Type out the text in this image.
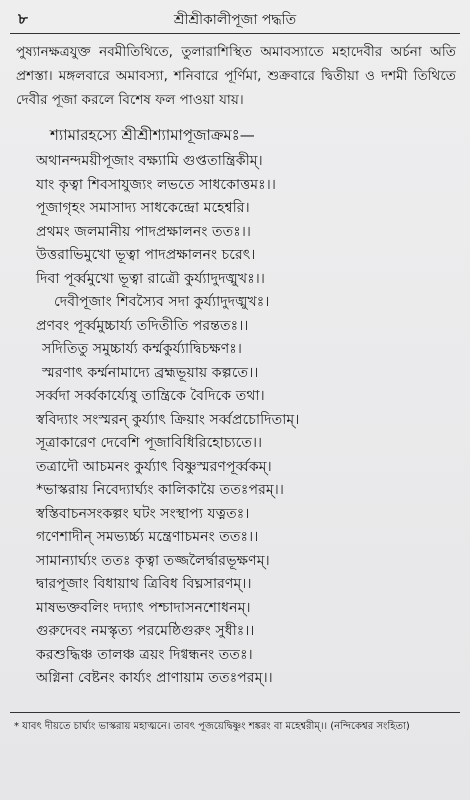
৮	শ্রীশ্রীকালীপূজা পদ্ধতি

পুষ্যানক্ষত্রযুক্ত নবমীতিথিতে, তুলারাশিস্থিত অমাবস্যাতে মহাদেবীর অর্চনা অতি প্রশস্তা। মঙ্গলবারে অমাবস্যা, শনিবারে পূর্ণিমা, শুক্রবারে দ্বিতীয়া ও দশমী তিথিতে দেবীর পূজা করলে বিশেষ ফল পাওয়া যায়।

শ্যামারহস্যে শ্রীশ্রীশ্যামাপূজাক্রমঃ—
অথানন্দময়ীপূজাং বক্ষ্যামি গুপ্ততান্ত্রিকীম্।
যাং কৃত্বা শিবসাযুজ্যং লভতে সাধকোত্তমঃ।।
পূজাগৃহং সমাসাদ্য সাধকেন্দ্রো মহেশ্বরি।
প্রথমং জলমানীয় পাদপ্রক্ষালনং ততঃ।।
উত্তরাভিমুখো ভূত্বা পাদপ্রক্ষালনং চরেৎ।
দিবা পূর্ব্বমুখো ভূত্বা রাত্রৌ কুর্য্যাদুদঙ্মুখঃ।।
দেবীপূজাং শিবস্যৈব সদা কুর্য্যাদুদঙ্মুখঃ।
প্রণবং পূর্ব্বমুচ্চার্য্য তদিতীতি পরন্ততঃ।।
সদিতিতু সমুচ্চার্য্য কর্ম্মকুর্য্যাদ্বিচক্ষণঃ।
স্মরণাৎ কর্ম্মনামাদ্যে ব্রহ্মভূয়ায় কল্পতে।।
সর্ব্বদা সর্ব্বকার্য্যেষু তান্ত্রিকে বৈদিকে তথা।
স্ববিদ্যাং সংস্মরন্ কুর্য্যাৎ ক্রিয়াং সর্ব্বপ্রচোদিতাম্।
সূত্রাকারেণ দেবেশি পূজাবিধিরিহোচ্যতে।।
তত্রাদৌ আচমনং কুর্য্যাৎ বিষ্ণুস্মরণপূর্ব্বকম্।
*ভাস্করায় নিবেদ্যার্ঘ্যং কালিকায়ৈ ততঃপরম্।।
স্বস্তিবাচনসংকল্পং ঘটং সংস্থাপ্য যত্নতঃ।
গণেশাদীন্ সমভ্যর্চ্চ্য মন্ত্রেণাচমনং ততঃ।।
সামান্যার্ঘ্যং ততঃ কৃত্বা তজ্জলৈর্দ্বারভূক্ষণম্।
দ্বারপূজাং বিধায়াথ ত্রিবিধ বিঘ্নসারণম্।।
মাষভক্তবলিং দদ্যাৎ পশ্চাদাসনশোধনম্।
গুরুদেবং নমস্কৃত্য পরমেষ্ঠিগুরুং সুধীঃ।।
করশুদ্ধিঞ্চ তালঞ্চ ত্রয়ং দিগ্বন্ধনং ততঃ।
অগ্নিনা বেষ্টনং কার্য্যং প্রাণায়াম ততঃপরম্।।

* যাবৎ দীয়তে চার্ঘ্যং ভাস্করায় মহাত্মনে। তাবৎ পূজয়েদ্বিষ্ণুং শঙ্করং বা মহেশ্বরীম্।। (নন্দিকেশ্বর সংহিতা)
